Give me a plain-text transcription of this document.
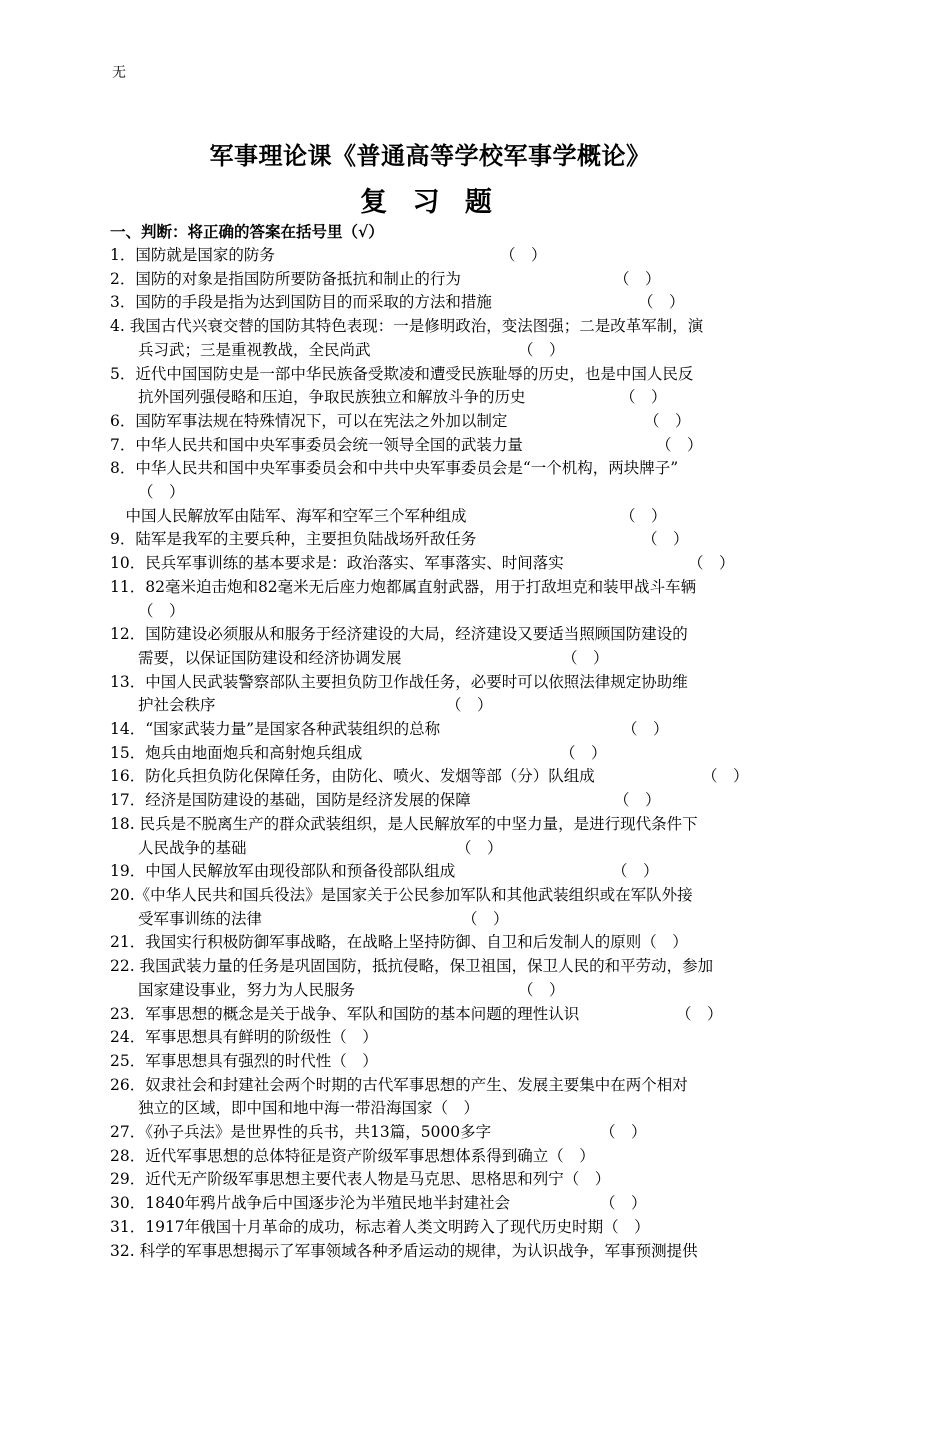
无
军事理论课《普通高等学校军事学概论》
复 习 题
一、判断：将正确的答案在括号里（√）
1．国防就是国家的防务	（　）
2．国防的对象是指国防所要防备抵抗和制止的行为	（　）
3．国防的手段是指为达到国防目的而采取的方法和措施	（　）
4. 我国古代兴衰交替的国防其特色表现：一是修明政治，变法图强；二是改革军制，演
（　）
兵习武；三是重视教战，全民尚武
5．近代中国国防史是一部中华民族备受欺凌和遭受民族耻辱的历史，也是中国人民反
（　）
抗外国列强侵略和压迫，争取民族独立和解放斗争的历史
6．国防军事法规在特殊情况下，可以在宪法之外加以制定	（　）
7．中华人民共和国中央军事委员会统一领导全国的武装力量	（　）
8．中华人民共和国中央军事委员会和中共中央军事委员会是“一个机构，两块牌子”
（　）
　中国人民解放军由陆军、海军和空军三个军种组成	（　）
9．陆军是我军的主要兵种，主要担负陆战场歼敌任务	（　）
10．民兵军事训练的基本要求是：政治落实、军事落实、时间落实	（　）
11．82毫米迫击炮和82毫米无后座力炮都属直射武器，用于打敌坦克和装甲战斗车辆
（　）
12．国防建设必须服从和服务于经济建设的大局，经济建设又要适当照顾国防建设的
（　）
需要，以保证国防建设和经济协调发展
13．中国人民武装警察部队主要担负防卫作战任务，必要时可以依照法律规定协助维
（　）
护社会秩序
14．“国家武装力量”是国家各种武装组织的总称	（　）
15．炮兵由地面炮兵和高射炮兵组成	（　）
16．防化兵担负防化保障任务，由防化、喷火、发烟等部（分）队组成	（　）
17．经济是国防建设的基础，国防是经济发展的保障	（　）
18. 民兵是不脱离生产的群众武装组织，是人民解放军的中坚力量，是进行现代条件下
（　）
人民战争的基础
19．中国人民解放军由现役部队和预备役部队组成	（　）
20.《中华人民共和国兵役法》是国家关于公民参加军队和其他武装组织或在军队外接
（　）
受军事训练的法律
21．我国实行积极防御军事战略，在战略上坚持防御、自卫和后发制人的原则（　）
22. 我国武装力量的任务是巩固国防，抵抗侵略，保卫祖国，保卫人民的和平劳动，参加
（　）
国家建设事业，努力为人民服务
23．军事思想的概念是关于战争、军队和国防的基本问题的理性认识	（　）
24．军事思想具有鲜明的阶级性（　）
25．军事思想具有强烈的时代性（　）
26．奴隶社会和封建社会两个时期的古代军事思想的产生、发展主要集中在两个相对
独立的区域，即中国和地中海一带沿海国家（　）
27．《孙子兵法》是世界性的兵书，共13篇，5000多字	（　）
28．近代军事思想的总体特征是资产阶级军事思想体系得到确立（　）
29．近代无产阶级军事思想主要代表人物是马克思、思格思和列宁（　）
30．1840年鸦片战争后中国逐步沦为半殖民地半封建社会	（　）
31．1917年俄国十月革命的成功，标志着人类文明跨入了现代历史时期（　）
32. 科学的军事思想揭示了军事领域各种矛盾运动的规律，为认识战争，军事预测提供
